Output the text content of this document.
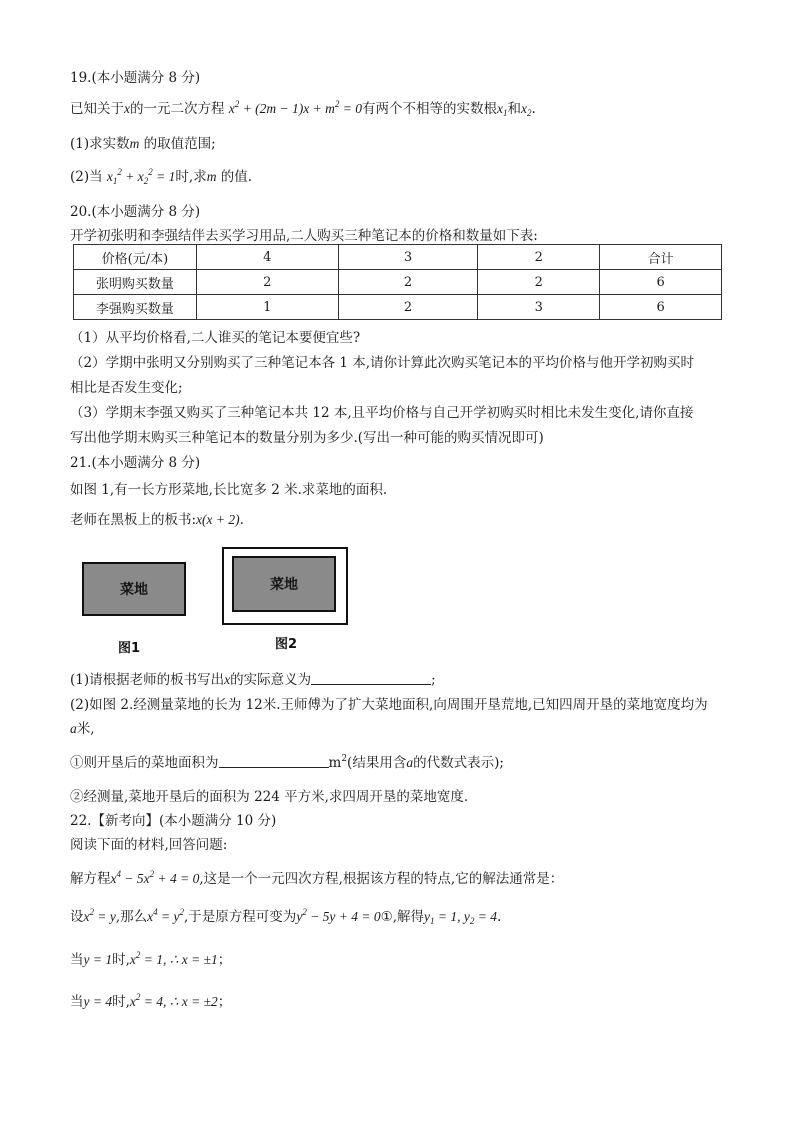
19.(本小题满分 8 分)
已知关于x的一元二次方程 $x^2 + (2m - 1)x + m^2 = 0$有两个不相等的实数根$x_1$和$x_2$.
(1)求实数m 的取值范围;
(2)当 $x_1^2 + x_2^2 = 1$时,求m 的值.
20.(本小题满分 8 分)
开学初张明和李强结伴去买学习用品,二人购买三种笔记本的价格和数量如下表:
价格(元/本)	4	3	2	合计
张明购买数量	2	2	2	6
李强购买数量	1	2	3	6
（1）从平均价格看,二人谁买的笔记本要便宜些?
（2）学期中张明又分别购买了三种笔记本各 1 本,请你计算此次购买笔记本的平均价格与他开学初购买时
相比是否发生变化;
（3）学期末李强又购买了三种笔记本共 12 本,且平均价格与自己开学初购买时相比未发生变化,请你直接
写出他学期末购买三种笔记本的数量分别为多少.(写出一种可能的购买情况即可)
21.(本小题满分 8 分)
如图 1,有一长方形菜地,长比宽多 2 米.求菜地的面积.
老师在黑板上的板书:x(x + 2).
菜地
图1
菜地
图2
(1)请根据老师的板书写出x的实际意义为	;
(2)如图 2.经测量菜地的长为 12米.王师傅为了扩大菜地面积,向周围开垦荒地,已知四周开垦的菜地宽度均为
a米,
①则开垦后的菜地面积为	$m^2$(结果用含a的代数式表示);
②经测量,菜地开垦后的面积为 224 平方米,求四周开垦的菜地宽度.
22.【新考向】(本小题满分 10 分)
阅读下面的材料,回答问题:
解方程$x^4 - 5x^2 + 4 = 0$,这是一个一元四次方程,根据该方程的特点,它的解法通常是：
设$x^2 = y$,那么$x^4 = y^2$,于是原方程可变为$y^2 - 5y + 4$ = 0①,解得$y_1 = 1$, $y_2 = 4$.
当y = 1时$,x^2 = 1$, ∴ x = ±1；
当y = 4时$,x^2 = 4$, ∴ x = ±2；
